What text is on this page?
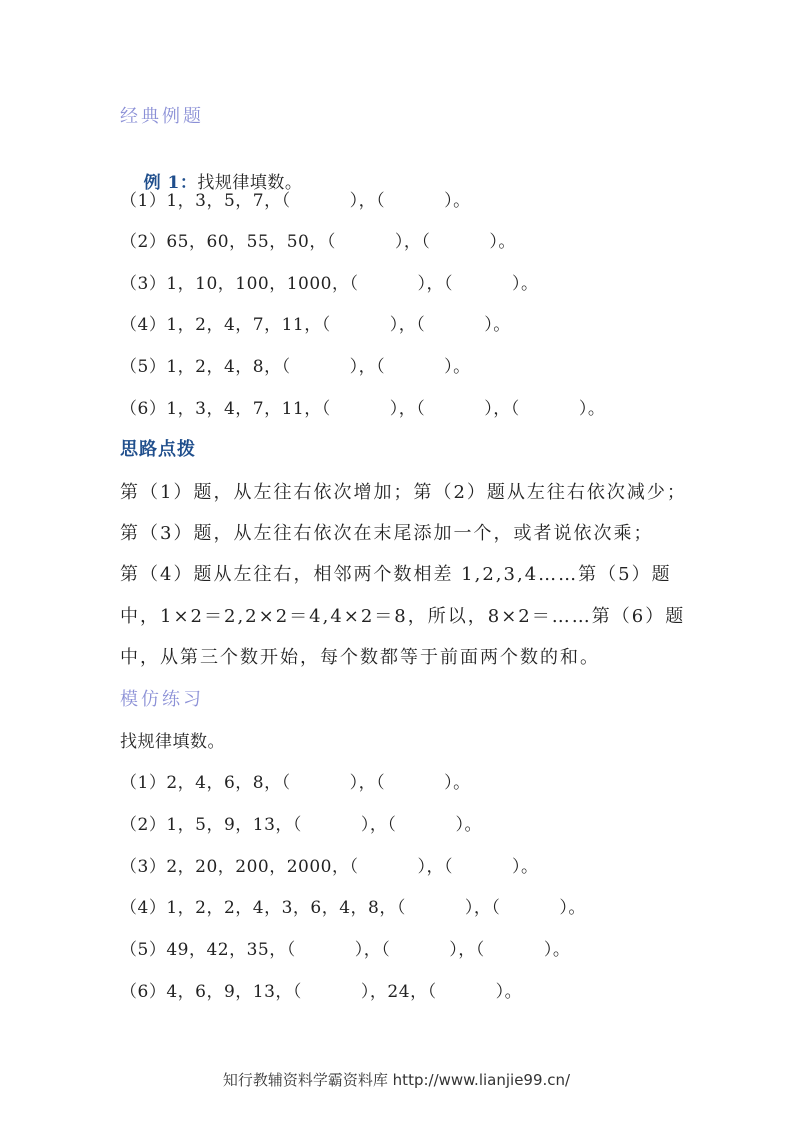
经典例题

例 1：找规律填数。

（1）1，3，5，7，（          ），（          ）。
（2）65，60，55，50，（          ），（          ）。
（3）1，10，100，1000，（          ），（          ）。
（4）1，2，4，7，11，（          ），（          ）。
（5）1，2，4，8，（          ），（          ）。
（6）1，3，4，7，11，（          ），（          ），（          ）。
思路点拨
第（1）题，从左往右依次增加；第（2）题从左往右依次减少；
第（3）题，从左往右依次在末尾添加一个，或者说依次乘；
第（4）题从左往右，相邻两个数相差 1,2,3,4……第（5）题
中，1×2＝2,2×2＝4,4×2＝8，所以，8×2＝……第（6）题
中，从第三个数开始，每个数都等于前面两个数的和。
模仿练习
找规律填数。
（1）2，4，6，8，（          ），（          ）。
（2）1，5，9，13，（          ），（          ）。
（3）2，20，200，2000，（          ），（          ）。
（4）1，2，2，4，3，6，4，8，（          ），（          ）。
（5）49，42，35，（          ），（          ），（          ）。
（6）4，6，9，13，（          ），24，（          ）。
知行教辅资料学霸资料库 http://www.lianjie99.cn/
